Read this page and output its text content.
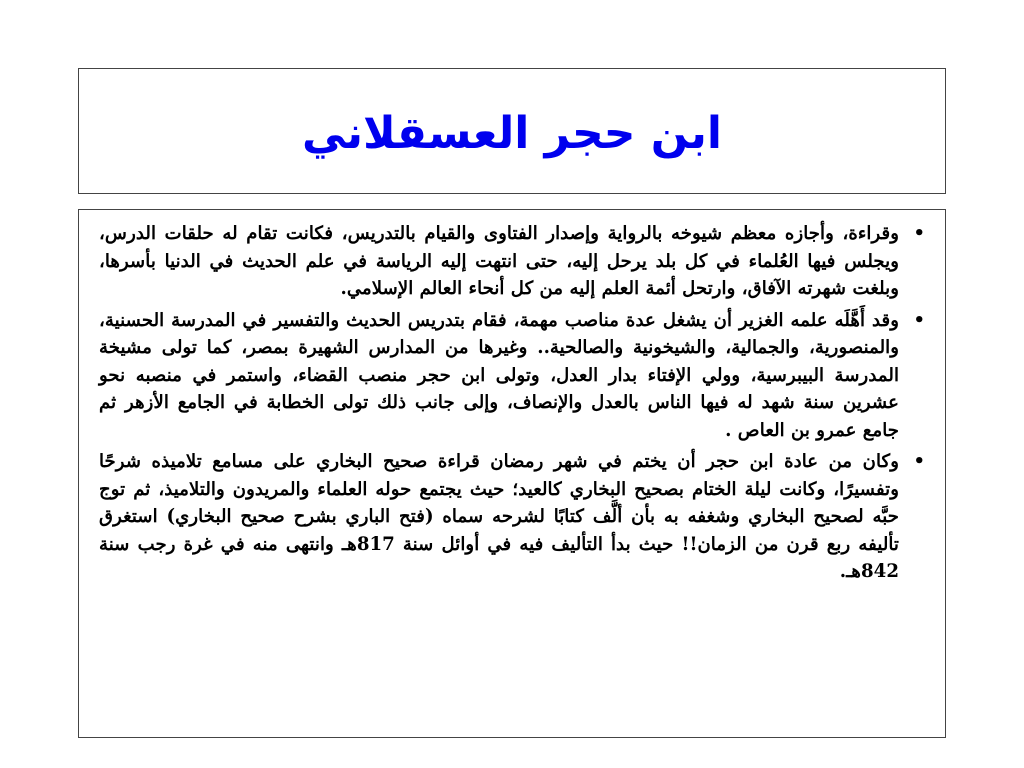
ابن حجر العسقلاني
•
وقراءة، وأجازه معظم شيوخه بالرواية وإصدار الفتاوى والقيام بالتدريس، فكانت تقام له حلقات الدرس، ويجلس فيها العُلماء في كل بلد يرحل إليه، حتى انتهت إليه الرياسة في علم الحديث في الدنيا بأسرها، وبلغت شهرته الآفاق، وارتحل أئمة العلم إليه من كل أنحاء العالم الإسلامي.
•
وقد أَهَّلَه علمه الغزير أن يشغل عدة مناصب مهمة، فقام بتدريس الحديث والتفسير في المدرسة الحسنية، والمنصورية، والجمالية، والشيخونية والصالحية.. وغيرها من المدارس الشهيرة بمصر، كما تولى مشيخة المدرسة البيبرسية، وولي الإفتاء بدار العدل، وتولى ابن حجر منصب القضاء، واستمر في منصبه نحو عشرين سنة شهد له فيها الناس بالعدل والإنصاف، وإلى جانب ذلك تولى الخطابة في الجامع الأزهر ثم جامع عمرو بن العاص .
•
وكان من عادة ابن حجر أن يختم في شهر رمضان قراءة صحيح البخاري على مسامع تلاميذه شرحًا وتفسيرًا، وكانت ليلة الختام بصحيح البخاري كالعيد؛ حيث يجتمع حوله العلماء والمريدون والتلاميذ، ثم توج حبَّه لصحيح البخاري وشغفه به بأن ألَّف كتابًا لشرحه سماه (فتح الباري بشرح صحيح البخاري) استغرق تأليفه ربع قرن من الزمان!! حيث بدأ التأليف فيه في أوائل سنة 817هـ وانتهى منه في غرة رجب سنة 842هـ.
